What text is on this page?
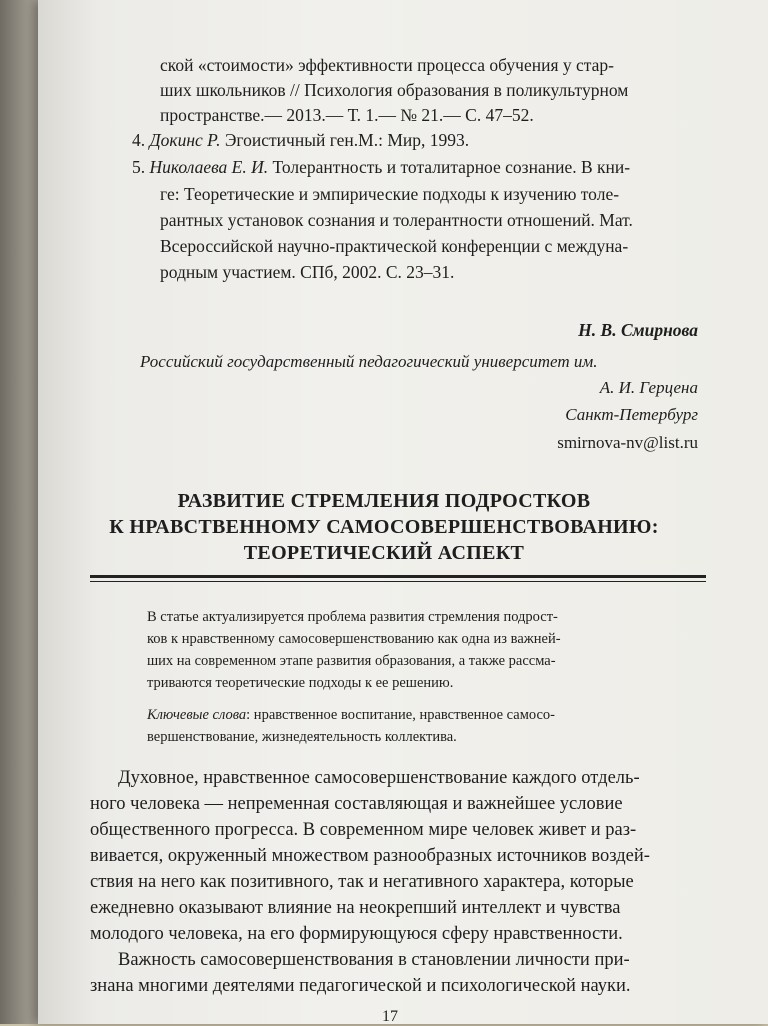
ской «стоимости» эффективности процесса обучения у стар-
ших школьников // Психология образования в поликультурном
пространстве.— 2013.— Т. 1.— № 21.— С. 47–52.
4. Докинс Р. Эгоистичный ген.М.: Мир, 1993.
5. Николаева Е. И. Толерантность и тоталитарное сознание. В кни-
ге: Теоретические и эмпирические подходы к изучению толе-
рантных установок сознания и толерантности отношений. Мат.
Всероссийской научно-практической конференции с междуна-
родным участием. СПб, 2002. С. 23–31.
Н. В. Смирнова
Российский государственный педагогический университет им.
А. И. Герцена
Санкт-Петербург
smirnova-nv@list.ru
РАЗВИТИЕ СТРЕМЛЕНИЯ ПОДРОСТКОВ
К НРАВСТВЕННОМУ САМОСОВЕРШЕНСТВОВАНИЮ:
ТЕОРЕТИЧЕСКИЙ АСПЕКТ
В статье актуализируется проблема развития стремления подрост-
ков к нравственному самосовершенствованию как одна из важней-
ших на современном этапе развития образования, а также рассма-
триваются теоретические подходы к ее решению.
Ключевые слова: нравственное воспитание, нравственное самосо-
вершенствование, жизнедеятельность коллектива.
Духовное, нравственное самосовершенствование каждого отдель-
ного человека — непременная составляющая и важнейшее условие
общественного прогресса. В современном мире человек живет и раз-
вивается, окруженный множеством разнообразных источников воздей-
ствия на него как позитивного, так и негативного характера, которые
ежедневно оказывают влияние на неокрепший интеллект и чувства
молодого человека, на его формирующуюся сферу нравственности.
Важность самосовершенствования в становлении личности при-
знана многими деятелями педагогической и психологической науки.
17
